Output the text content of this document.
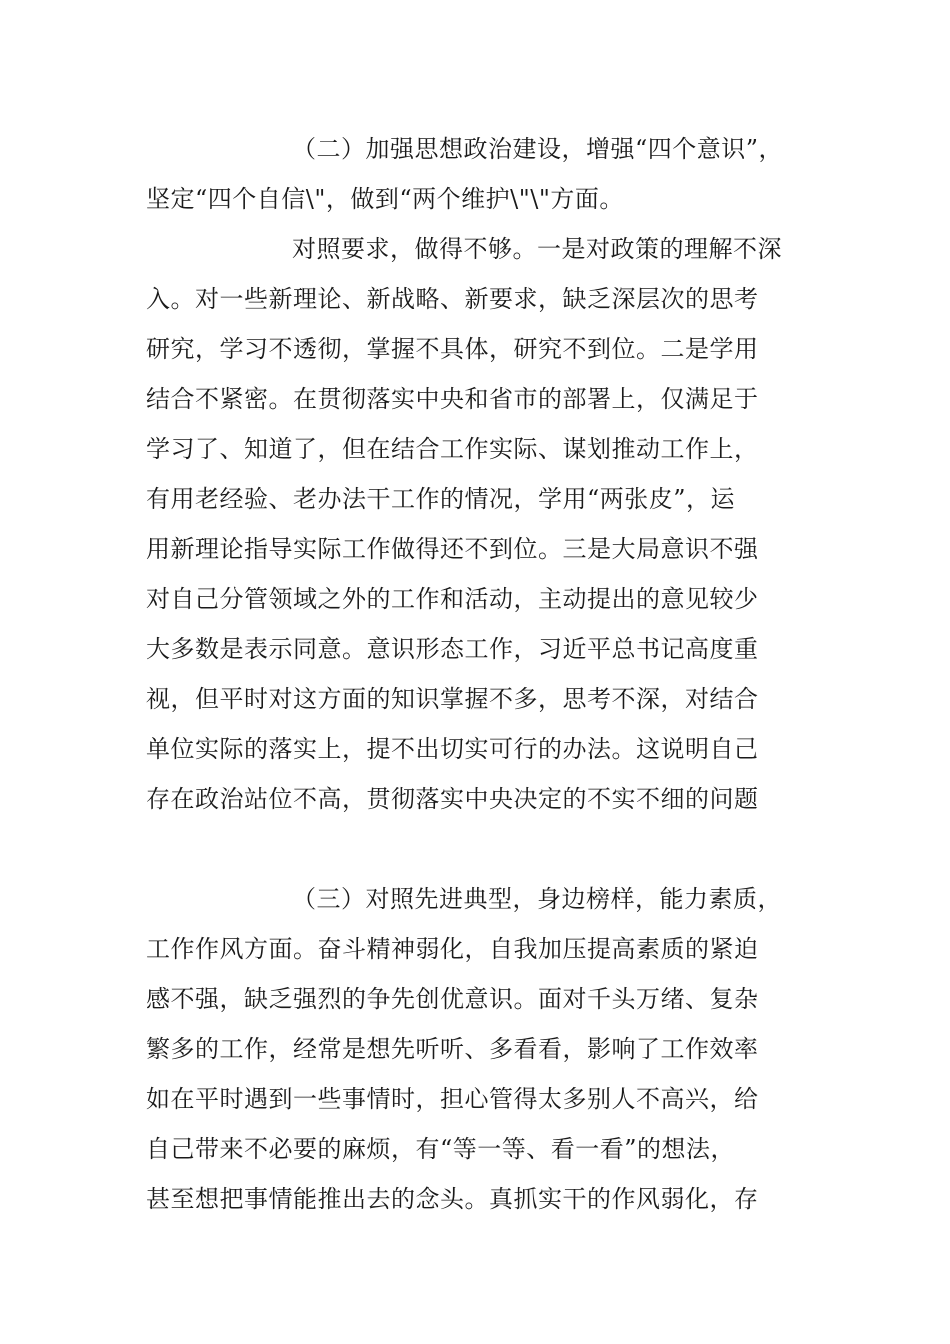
（二）加强思想政治建设，增强“四个意识”，
坚定“四个自信\"，做到“两个维护\"\"方面。
对照要求，做得不够。一是对政策的理解不深
入。对一些新理论、新战略、新要求，缺乏深层次的思考
研究，学习不透彻，掌握不具体，研究不到位。二是学用
结合不紧密。在贯彻落实中央和省市的部署上，仅满足于
学习了、知道了，但在结合工作实际、谋划推动工作上，
有用老经验、老办法干工作的情况，学用“两张皮”，运
用新理论指导实际工作做得还不到位。三是大局意识不强
对自己分管领域之外的工作和活动，主动提出的意见较少
大多数是表示同意。意识形态工作，习近平总书记高度重
视，但平时对这方面的知识掌握不多，思考不深，对结合
单位实际的落实上，提不出切实可行的办法。这说明自己
存在政治站位不高，贯彻落实中央决定的不实不细的问题
（三）对照先进典型，身边榜样，能力素质，
工作作风方面。奋斗精神弱化，自我加压提高素质的紧迫
感不强，缺乏强烈的争先创优意识。面对千头万绪、复杂
繁多的工作，经常是想先听听、多看看，影响了工作效率
如在平时遇到一些事情时，担心管得太多别人不高兴，给
自己带来不必要的麻烦，有“等一等、看一看”的想法，
甚至想把事情能推出去的念头。真抓实干的作风弱化，存
